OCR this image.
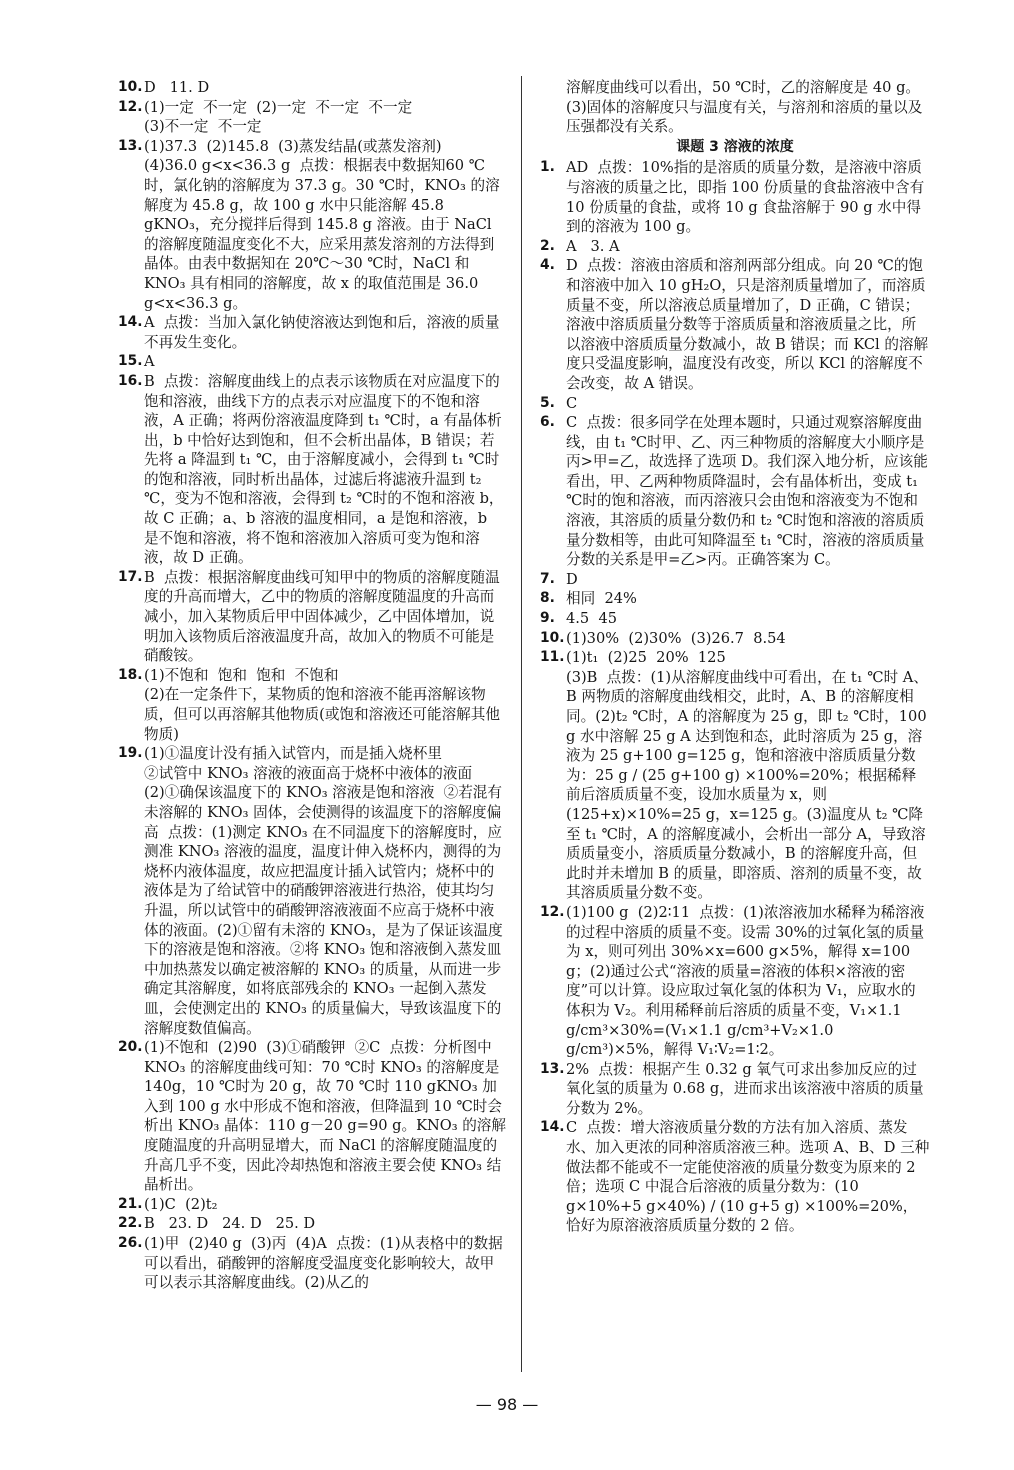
10. D   11. D

12. (1)一定  不一定  (2)一定  不一定  不一定
(3)不一定  不一定

13. (1)37.3  (2)145.8  (3)蒸发结晶(或蒸发溶剂)
(4)36.0 g<x<36.3 g  点拨：根据表中数据知60 ℃时，氯化钠的溶解度为 37.3 g。30 ℃时，KNO₃ 的溶解度为 45.8 g，故 100 g 水中只能溶解 45.8 gKNO₃，充分搅拌后得到 145.8 g 溶液。由于 NaCl 的溶解度随温度变化不大，应采用蒸发溶剂的方法得到晶体。由表中数据知在 20℃～30 ℃时，NaCl 和 KNO₃ 具有相同的溶解度，故 x 的取值范围是 36.0 g<x<36.3 g。

14. A  点拨：当加入氯化钠使溶液达到饱和后，溶液的质量不再发生变化。

15. A

16. B  点拨：溶解度曲线上的点表示该物质在对应温度下的饱和溶液，曲线下方的点表示对应温度下的不饱和溶液，A 正确；将两份溶液温度降到 t₁ ℃时，a 有晶体析出，b 中恰好达到饱和，但不会析出晶体，B 错误；若先将 a 降温到 t₁ ℃，由于溶解度减小，会得到 t₁ ℃时的饱和溶液，同时析出晶体，过滤后将滤液升温到 t₂ ℃，变为不饱和溶液，会得到 t₂ ℃时的不饱和溶液 b，故 C 正确；a、b 溶液的温度相同，a 是饱和溶液，b 是不饱和溶液，将不饱和溶液加入溶质可变为饱和溶液，故 D 正确。

17. B  点拨：根据溶解度曲线可知甲中的物质的溶解度随温度的升高而增大，乙中的物质的溶解度随温度的升高而减小，加入某物质后甲中固体减少，乙中固体增加，说明加入该物质后溶液温度升高，故加入的物质不可能是硝酸铵。

18. (1)不饱和  饱和  饱和  不饱和
(2)在一定条件下，某物质的饱和溶液不能再溶解该物质，但可以再溶解其他物质(或饱和溶液还可能溶解其他物质)

19. (1)①温度计没有插入试管内，而是插入烧杯里
②试管中 KNO₃ 溶液的液面高于烧杯中液体的液面  (2)①确保该温度下的 KNO₃ 溶液是饱和溶液  ②若混有未溶解的 KNO₃ 固体，会使测得的该温度下的溶解度偏高  点拨：(1)测定 KNO₃ 在不同温度下的溶解度时，应测准 KNO₃ 溶液的温度，温度计伸入烧杯内，测得的为烧杯内液体温度，故应把温度计插入试管内；烧杯中的液体是为了给试管中的硝酸钾溶液进行热浴，使其均匀升温，所以试管中的硝酸钾溶液液面不应高于烧杯中液体的液面。(2)①留有未溶的 KNO₃，是为了保证该温度下的溶液是饱和溶液。②将 KNO₃ 饱和溶液倒入蒸发皿中加热蒸发以确定被溶解的 KNO₃ 的质量，从而进一步确定其溶解度，如将底部残余的 KNO₃ 一起倒入蒸发皿，会使测定出的 KNO₃ 的质量偏大，导致该温度下的溶解度数值偏高。

20. (1)不饱和  (2)90  (3)①硝酸钾  ②C  点拨：分析图中 KNO₃ 的溶解度曲线可知：70 ℃时 KNO₃ 的溶解度是 140g，10 ℃时为 20 g，故 70 ℃时 110 gKNO₃ 加入到 100 g 水中形成不饱和溶液，但降温到 10 ℃时会析出 KNO₃ 晶体：110 g－20 g=90 g。KNO₃ 的溶解度随温度的升高明显增大，而 NaCl 的溶解度随温度的升高几乎不变，因此冷却热饱和溶液主要会使 KNO₃ 结晶析出。

21. (1)C  (2)t₂

22. B   23. D   24. D   25. D

26. (1)甲  (2)40 g  (3)丙  (4)A  点拨：(1)从表格中的数据可以看出，硝酸钾的溶解度受温度变化影响较大，故甲可以表示其溶解度曲线。(2)从乙的

溶解度曲线可以看出，50 ℃时，乙的溶解度是 40 g。(3)固体的溶解度只与温度有关，与溶剂和溶质的量以及压强都没有关系。

课题 3 溶液的浓度

1. AD  点拨：10%指的是溶质的质量分数，是溶液中溶质与溶液的质量之比，即指 100 份质量的食盐溶液中含有 10 份质量的食盐，或将 10 g 食盐溶解于 90 g 水中得到的溶液为 100 g。

2. A   3. A

4. D  点拨：溶液由溶质和溶剂两部分组成。向 20 ℃的饱和溶液中加入 10 gH₂O，只是溶剂质量增加了，而溶质质量不变，所以溶液总质量增加了，D 正确，C 错误；溶液中溶质质量分数等于溶质质量和溶液质量之比，所以溶液中溶质质量分数减小，故 B 错误；而 KCl 的溶解度只受温度影响，温度没有改变，所以 KCl 的溶解度不会改变，故 A 错误。

5. C

6. C  点拨：很多同学在处理本题时，只通过观察溶解度曲线，由 t₁ ℃时甲、乙、丙三种物质的溶解度大小顺序是丙>甲=乙，故选择了选项 D。我们深入地分析，应该能看出，甲、乙两种物质降温时，会有晶体析出，变成 t₁ ℃时的饱和溶液，而丙溶液只会由饱和溶液变为不饱和溶液，其溶质的质量分数仍和 t₂ ℃时饱和溶液的溶质质量分数相等，由此可知降温至 t₁ ℃时，溶液的溶质质量分数的关系是甲=乙>丙。正确答案为 C。

7. D

8. 相同  24%

9. 4.5  45

10. (1)30%  (2)30%  (3)26.7  8.54

11. (1)t₁  (2)25  20%  125
(3)B  点拨：(1)从溶解度曲线中可看出，在 t₁ ℃时 A、B 两物质的溶解度曲线相交，此时，A、B 的溶解度相同。(2)t₂ ℃时，A 的溶解度为 25 g，即 t₂ ℃时，100 g 水中溶解 25 g A 达到饱和态，此时溶质为 25 g，溶液为 25 g+100 g=125 g，饱和溶液中溶质质量分数为：25 g / (25 g+100 g) ×100%=20%；根据稀释前后溶质质量不变，设加水质量为 x，则(125+x)×10%=25 g，x=125 g。(3)温度从 t₂ ℃降至 t₁ ℃时，A 的溶解度减小，会析出一部分 A，导致溶质质量变小，溶质质量分数减小，B 的溶解度升高，但此时并未增加 B 的质量，即溶质、溶剂的质量不变，故其溶质质量分数不变。

12. (1)100 g  (2)2∶11  点拨：(1)浓溶液加水稀释为稀溶液的过程中溶质的质量不变。设需 30%的过氧化氢的质量为 x，则可列出 30%×x=600 g×5%，解得 x=100 g；(2)通过公式“溶液的质量=溶液的体积×溶液的密度”可以计算。设应取过氧化氢的体积为 V₁，应取水的体积为 V₂。利用稀释前后溶质的质量不变，V₁×1.1 g/cm³×30%=(V₁×1.1 g/cm³+V₂×1.0 g/cm³)×5%，解得 V₁∶V₂=1∶2。

13. 2%  点拨：根据产生 0.32 g 氧气可求出参加反应的过氧化氢的质量为 0.68 g，进而求出该溶液中溶质的质量分数为 2%。

14. C  点拨：增大溶液质量分数的方法有加入溶质、蒸发水、加入更浓的同种溶质溶液三种。选项 A、B、D 三种做法都不能或不一定能使溶液的质量分数变为原来的 2 倍；选项 C 中混合后溶液的质量分数为：(10 g×10%+5 g×40%) / (10 g+5 g) ×100%=20%，恰好为原溶液溶质质量分数的 2 倍。

— 98 —
